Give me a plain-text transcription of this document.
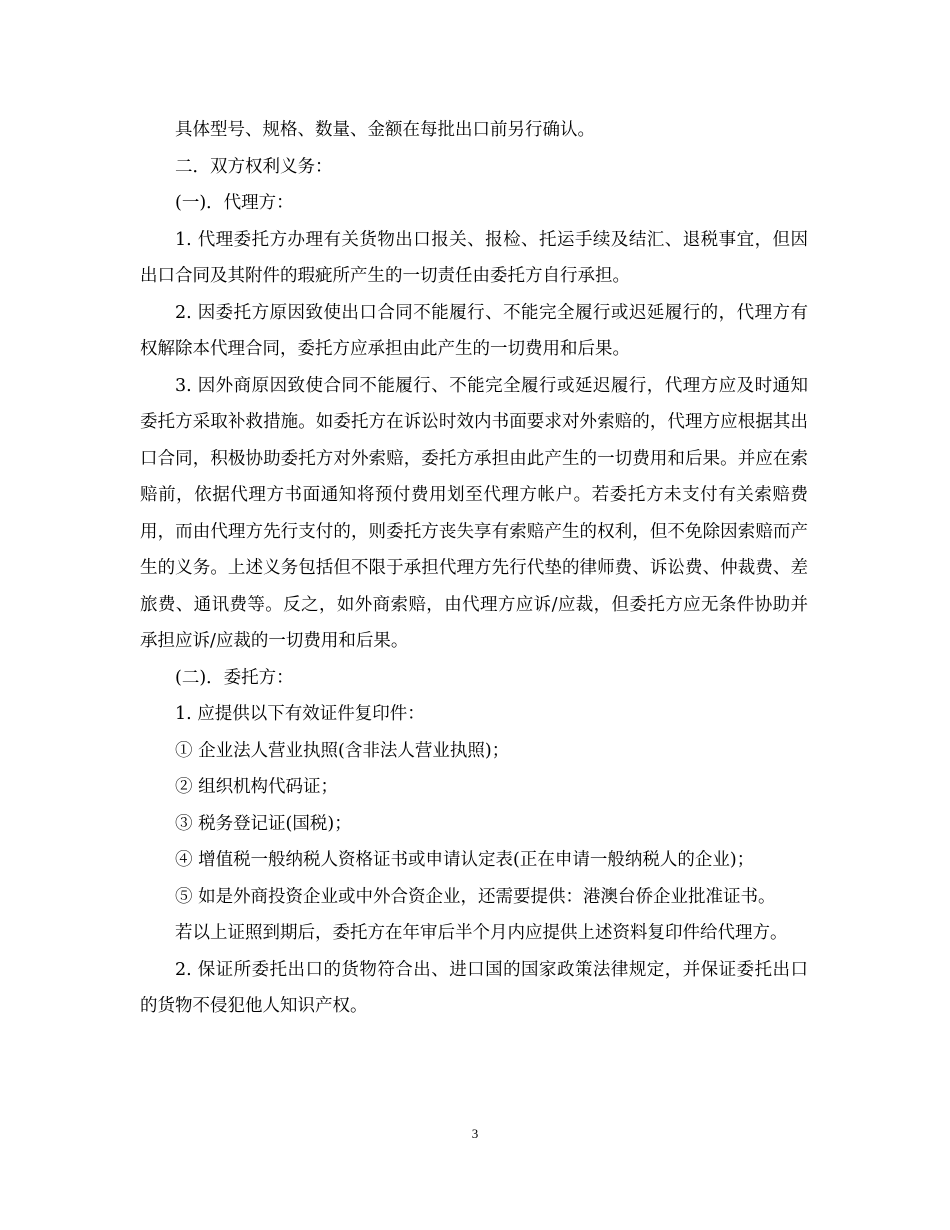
具体型号、规格、数量、金额在每批出口前另行确认。

二．双方权利义务：

(一)．代理方：

1. 代理委托方办理有关货物出口报关、报检、托运手续及结汇、退税事宜，但因出口合同及其附件的瑕疵所产生的一切责任由委托方自行承担。

2. 因委托方原因致使出口合同不能履行、不能完全履行或迟延履行的，代理方有权解除本代理合同，委托方应承担由此产生的一切费用和后果。

3. 因外商原因致使合同不能履行、不能完全履行或延迟履行，代理方应及时通知委托方采取补救措施。如委托方在诉讼时效内书面要求对外索赔的，代理方应根据其出口合同，积极协助委托方对外索赔，委托方承担由此产生的一切费用和后果。并应在索赔前，依据代理方书面通知将预付费用划至代理方帐户。若委托方未支付有关索赔费用，而由代理方先行支付的，则委托方丧失享有索赔产生的权利，但不免除因索赔而产生的义务。上述义务包括但不限于承担代理方先行代垫的律师费、诉讼费、仲裁费、差旅费、通讯费等。反之，如外商索赔，由代理方应诉/应裁，但委托方应无条件协助并承担应诉/应裁的一切费用和后果。

(二)．委托方：

1. 应提供以下有效证件复印件：

① 企业法人营业执照(含非法人营业执照)；

② 组织机构代码证；

③ 税务登记证(国税)；

④ 增值税一般纳税人资格证书或申请认定表(正在申请一般纳税人的企业)；

⑤ 如是外商投资企业或中外合资企业，还需要提供：港澳台侨企业批准证书。

若以上证照到期后，委托方在年审后半个月内应提供上述资料复印件给代理方。

2. 保证所委托出口的货物符合出、进口国的国家政策法律规定，并保证委托出口的货物不侵犯他人知识产权。

3
